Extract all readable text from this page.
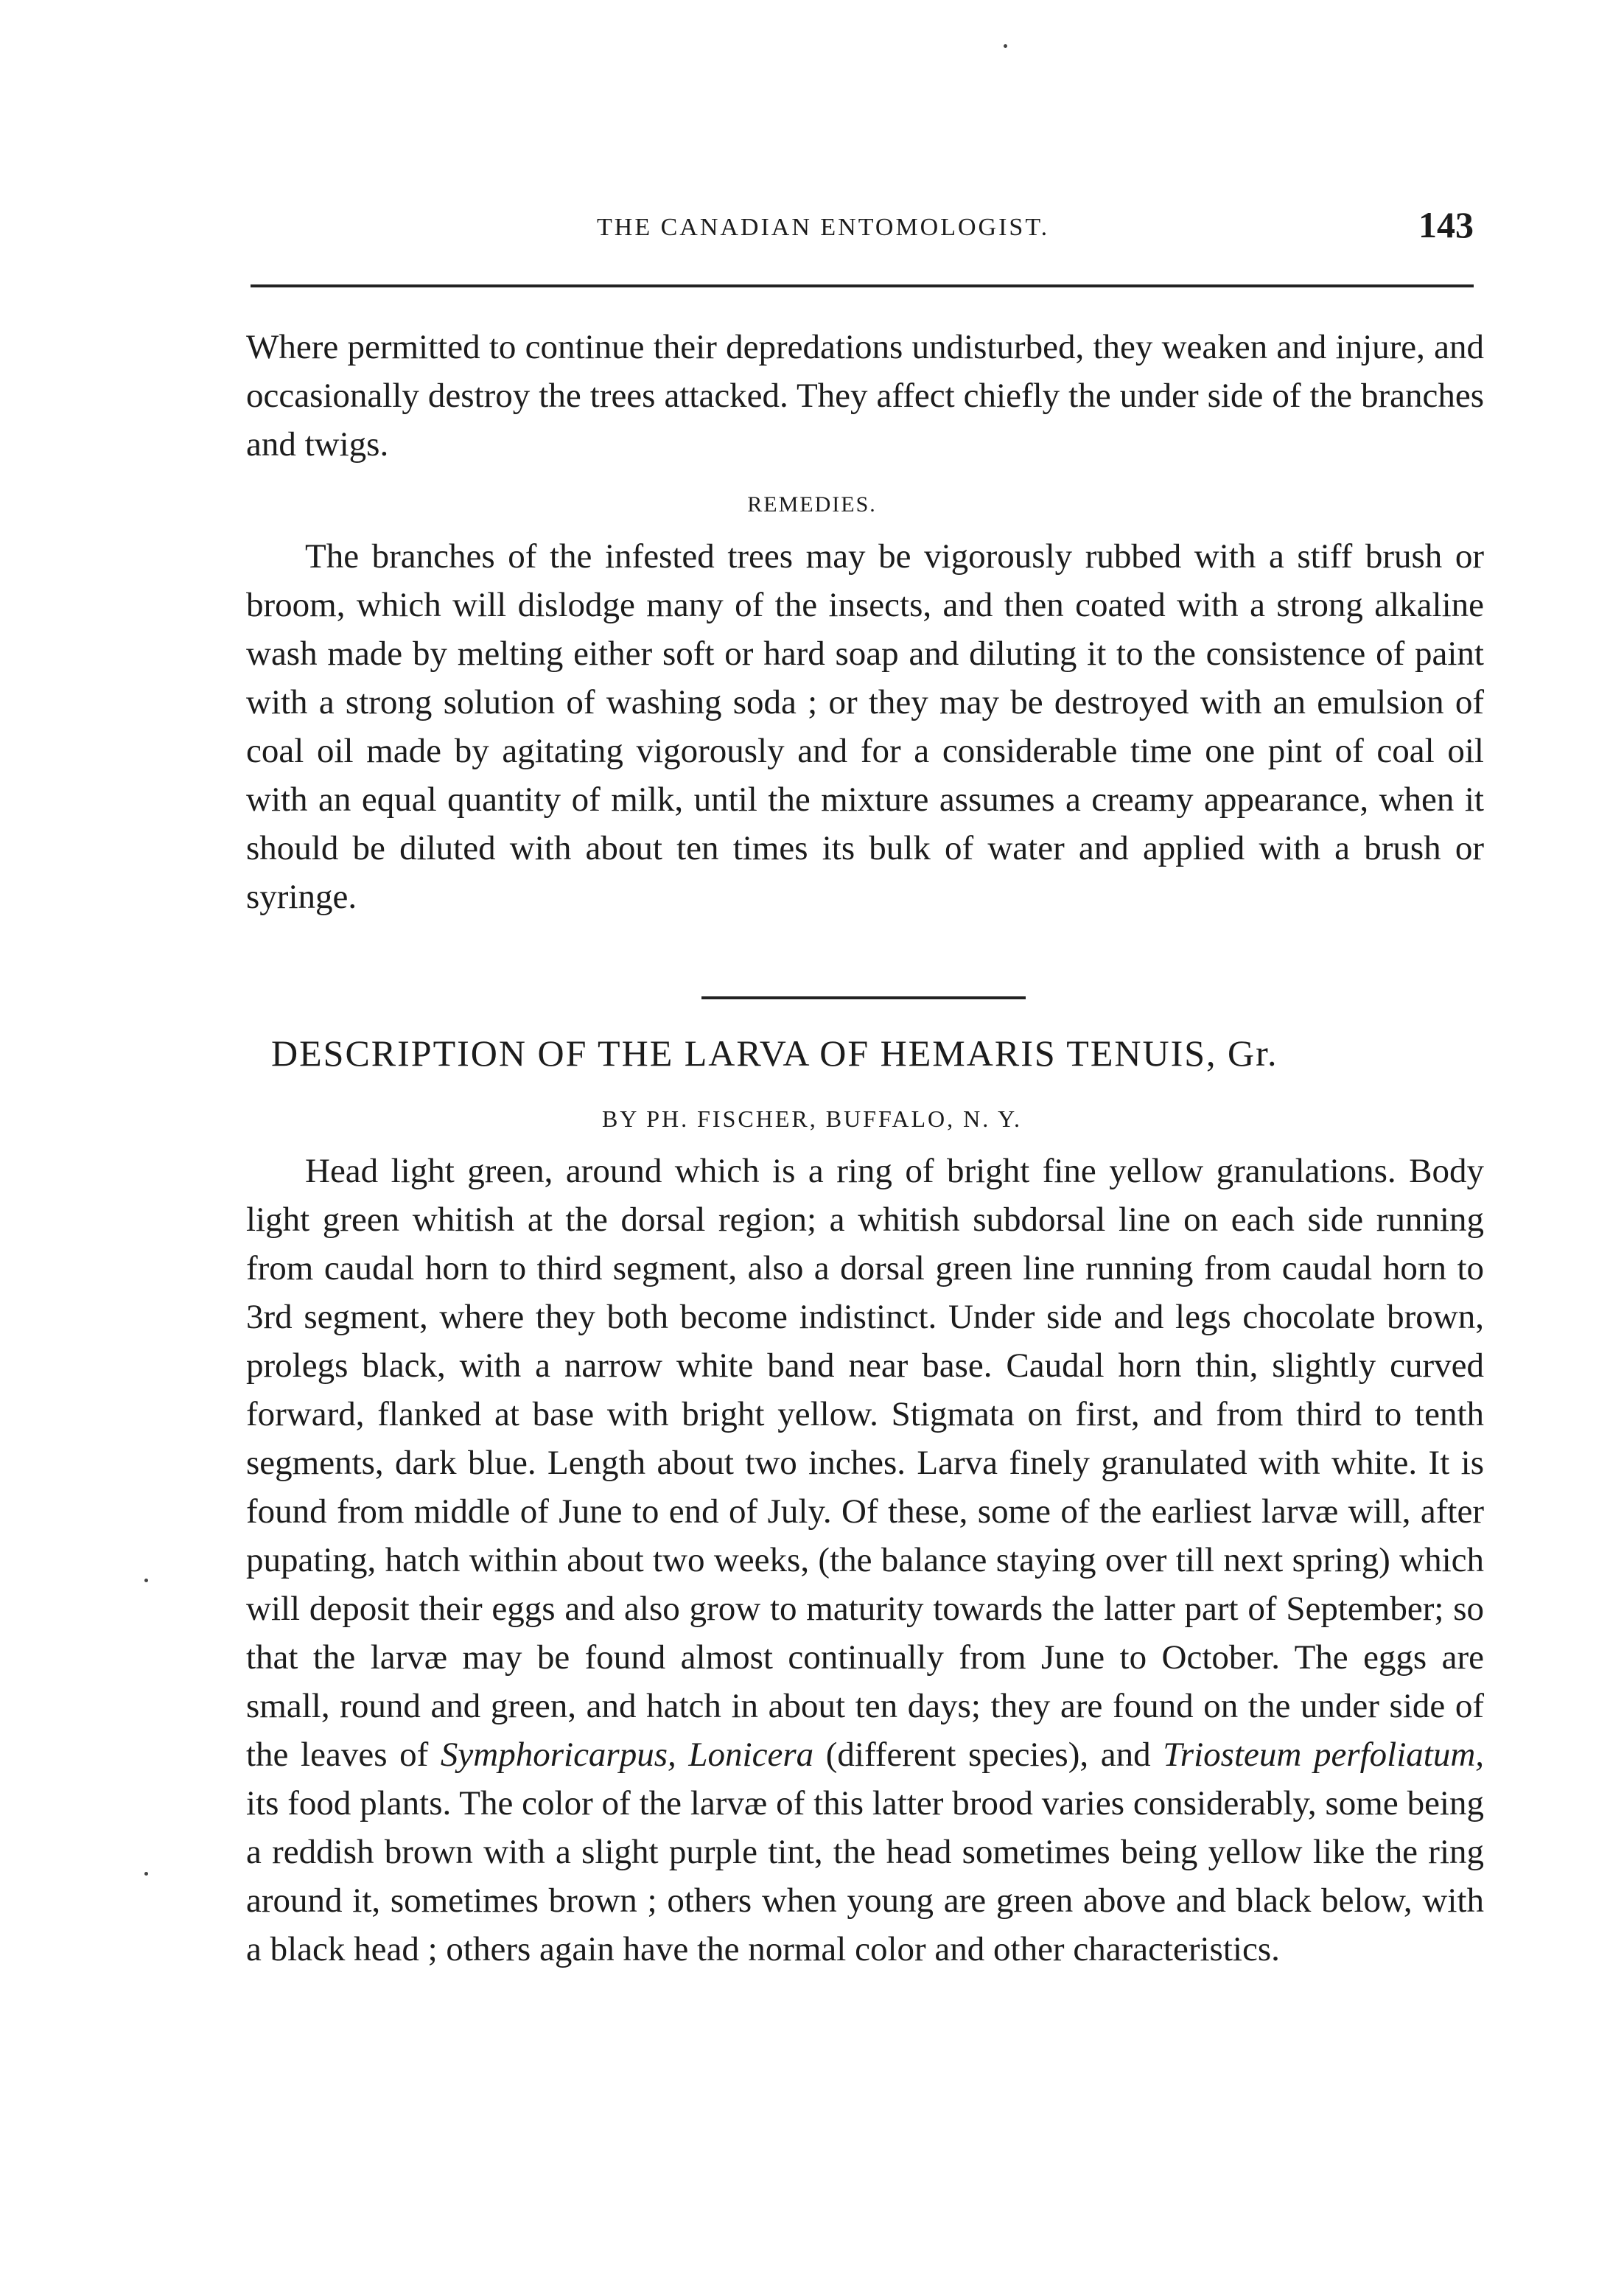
THE CANADIAN ENTOMOLOGIST.	143

Where permitted to continue their depredations undisturbed, they weaken and injure, and occasionally destroy the trees attacked. They affect chiefly the under side of the branches and twigs.

REMEDIES.

The branches of the infested trees may be vigorously rubbed with a stiff brush or broom, which will dislodge many of the insects, and then coated with a strong alkaline wash made by melting either soft or hard soap and diluting it to the consistence of paint with a strong solution of washing soda ; or they may be destroyed with an emulsion of coal oil made by agitating vigorously and for a considerable time one pint of coal oil with an equal quantity of milk, until the mixture assumes a creamy appearance, when it should be diluted with about ten times its bulk of water and applied with a brush or syringe.

DESCRIPTION OF THE LARVA OF HEMARIS TENUIS, Gr.
BY PH. FISCHER, BUFFALO, N. Y.

Head light green, around which is a ring of bright fine yellow granulations. Body light green whitish at the dorsal region; a whitish subdorsal line on each side running from caudal horn to third segment, also a dorsal green line running from caudal horn to 3rd segment, where they both become indistinct. Under side and legs chocolate brown, prolegs black, with a narrow white band near base. Caudal horn thin, slightly curved forward, flanked at base with bright yellow. Stigmata on first, and from third to tenth segments, dark blue. Length about two inches. Larva finely granulated with white. It is found from middle of June to end of July. Of these, some of the earliest larvæ will, after pupating, hatch within about two weeks, (the balance staying over till next spring) which will deposit their eggs and also grow to maturity towards the latter part of September; so that the larvæ may be found almost continually from June to October. The eggs are small, round and green, and hatch in about ten days; they are found on the under side of the leaves of Symphoricarpus, Lonicera (different species), and Triosteum perfoliatum, its food plants. The color of the larvæ of this latter brood varies considerably, some being a reddish brown with a slight purple tint, the head sometimes being yellow like the ring around it, sometimes brown ; others when young are green above and black below, with a black head ; others again have the normal color and other characteristics.
